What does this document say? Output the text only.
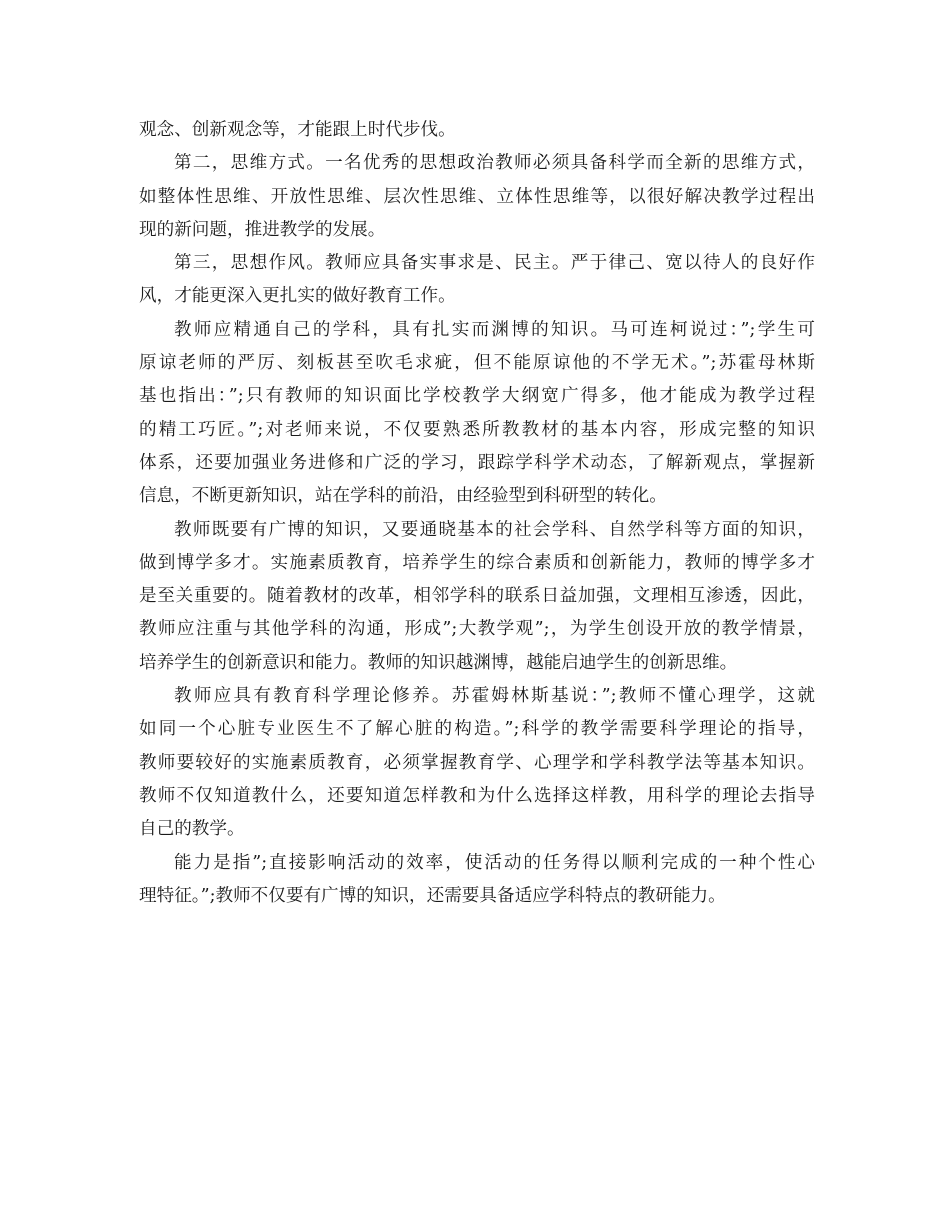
观念、创新观念等，才能跟上时代步伐。
第二，思维方式。一名优秀的思想政治教师必须具备科学而全新的思维方式，
如整体性思维、开放性思维、层次性思维、立体性思维等，以很好解决教学过程出
现的新问题，推进教学的发展。
第三，思想作风。教师应具备实事求是、民主。严于律己、宽以待人的良好作
风，才能更深入更扎实的做好教育工作。
教师应精通自己的学科，具有扎实而渊博的知识。马可连柯说过：”;学生可
原谅老师的严厉、刻板甚至吹毛求疵，但不能原谅他的不学无术。”;苏霍母林斯
基也指出：”;只有教师的知识面比学校教学大纲宽广得多，他才能成为教学过程
的精工巧匠。”;对老师来说，不仅要熟悉所教教材的基本内容，形成完整的知识
体系，还要加强业务进修和广泛的学习，跟踪学科学术动态，了解新观点，掌握新
信息，不断更新知识，站在学科的前沿，由经验型到科研型的转化。
教师既要有广博的知识，又要通晓基本的社会学科、自然学科等方面的知识，
做到博学多才。实施素质教育，培养学生的综合素质和创新能力，教师的博学多才
是至关重要的。随着教材的改革，相邻学科的联系日益加强，文理相互渗透，因此，
教师应注重与其他学科的沟通，形成”;大教学观”;，为学生创设开放的教学情景，
培养学生的创新意识和能力。教师的知识越渊博，越能启迪学生的创新思维。
教师应具有教育科学理论修养。苏霍姆林斯基说：”;教师不懂心理学，这就
如同一个心脏专业医生不了解心脏的构造。”;科学的教学需要科学理论的指导，
教师要较好的实施素质教育，必须掌握教育学、心理学和学科教学法等基本知识。
教师不仅知道教什么，还要知道怎样教和为什么选择这样教，用科学的理论去指导
自己的教学。
能力是指”;直接影响活动的效率，使活动的任务得以顺利完成的一种个性心
理特征。”;教师不仅要有广博的知识，还需要具备适应学科特点的教研能力。
